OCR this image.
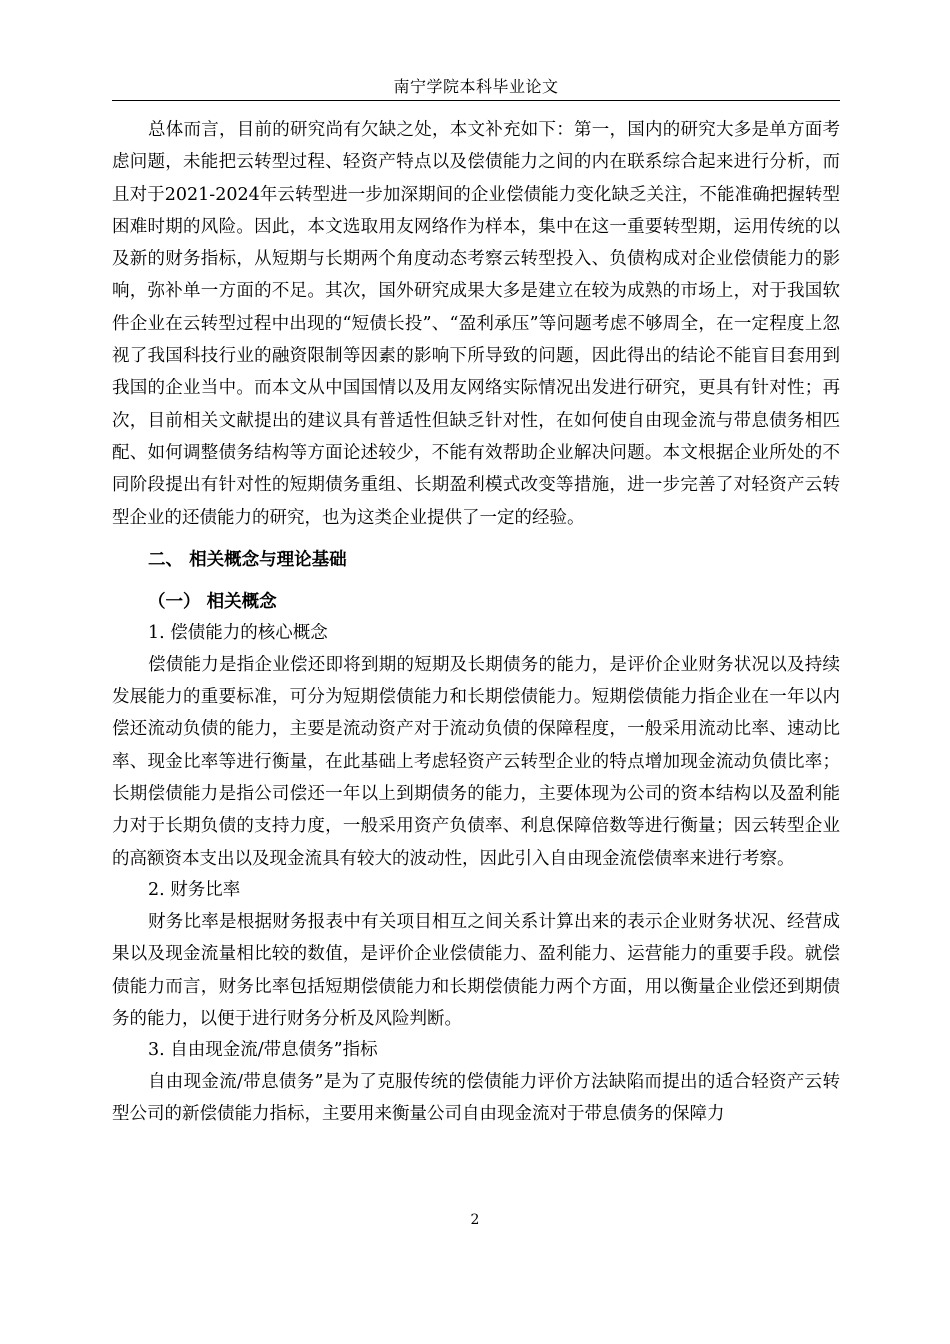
南宁学院本科毕业论文

总体而言，目前的研究尚有欠缺之处，本文补充如下：第一，国内的研究大多是单方面考虑问题，未能把云转型过程、轻资产特点以及偿债能力之间的内在联系综合起来进行分析，而且对于2021-2024年云转型进一步加深期间的企业偿债能力变化缺乏关注，不能准确把握转型困难时期的风险。因此，本文选取用友网络作为样本，集中在这一重要转型期，运用传统的以及新的财务指标，从短期与长期两个角度动态考察云转型投入、负债构成对企业偿债能力的影响，弥补单一方面的不足。其次，国外研究成果大多是建立在较为成熟的市场上，对于我国软件企业在云转型过程中出现的“短债长投”、“盈利承压”等问题考虑不够周全，在一定程度上忽视了我国科技行业的融资限制等因素的影响下所导致的问题，因此得出的结论不能盲目套用到我国的企业当中。而本文从中国国情以及用友网络实际情况出发进行研究，更具有针对性；再次，目前相关文献提出的建议具有普适性但缺乏针对性，在如何使自由现金流与带息债务相匹配、如何调整债务结构等方面论述较少，不能有效帮助企业解决问题。本文根据企业所处的不同阶段提出有针对性的短期债务重组、长期盈利模式改变等措施，进一步完善了对轻资产云转型企业的还债能力的研究，也为这类企业提供了一定的经验。

二、 相关概念与理论基础
（一） 相关概念
1. 偿债能力的核心概念

偿债能力是指企业偿还即将到期的短期及长期债务的能力，是评价企业财务状况以及持续发展能力的重要标准，可分为短期偿债能力和长期偿债能力。短期偿债能力指企业在一年以内偿还流动负债的能力，主要是流动资产对于流动负债的保障程度，一般采用流动比率、速动比率、现金比率等进行衡量，在此基础上考虑轻资产云转型企业的特点增加现金流动负债比率；长期偿债能力是指公司偿还一年以上到期债务的能力，主要体现为公司的资本结构以及盈利能力对于长期负债的支持力度，一般采用资产负债率、利息保障倍数等进行衡量；因云转型企业的高额资本支出以及现金流具有较大的波动性，因此引入自由现金流偿债率来进行考察。

2. 财务比率

财务比率是根据财务报表中有关项目相互之间关系计算出来的表示企业财务状况、经营成果以及现金流量相比较的数值，是评价企业偿债能力、盈利能力、运营能力的重要手段。就偿债能力而言，财务比率包括短期偿债能力和长期偿债能力两个方面，用以衡量企业偿还到期债务的能力，以便于进行财务分析及风险判断。

3. 自由现金流/带息债务”指标

自由现金流/带息债务”是为了克服传统的偿债能力评价方法缺陷而提出的适合轻资产云转型公司的新偿债能力指标，主要用来衡量公司自由现金流对于带息债务的保障力

2
